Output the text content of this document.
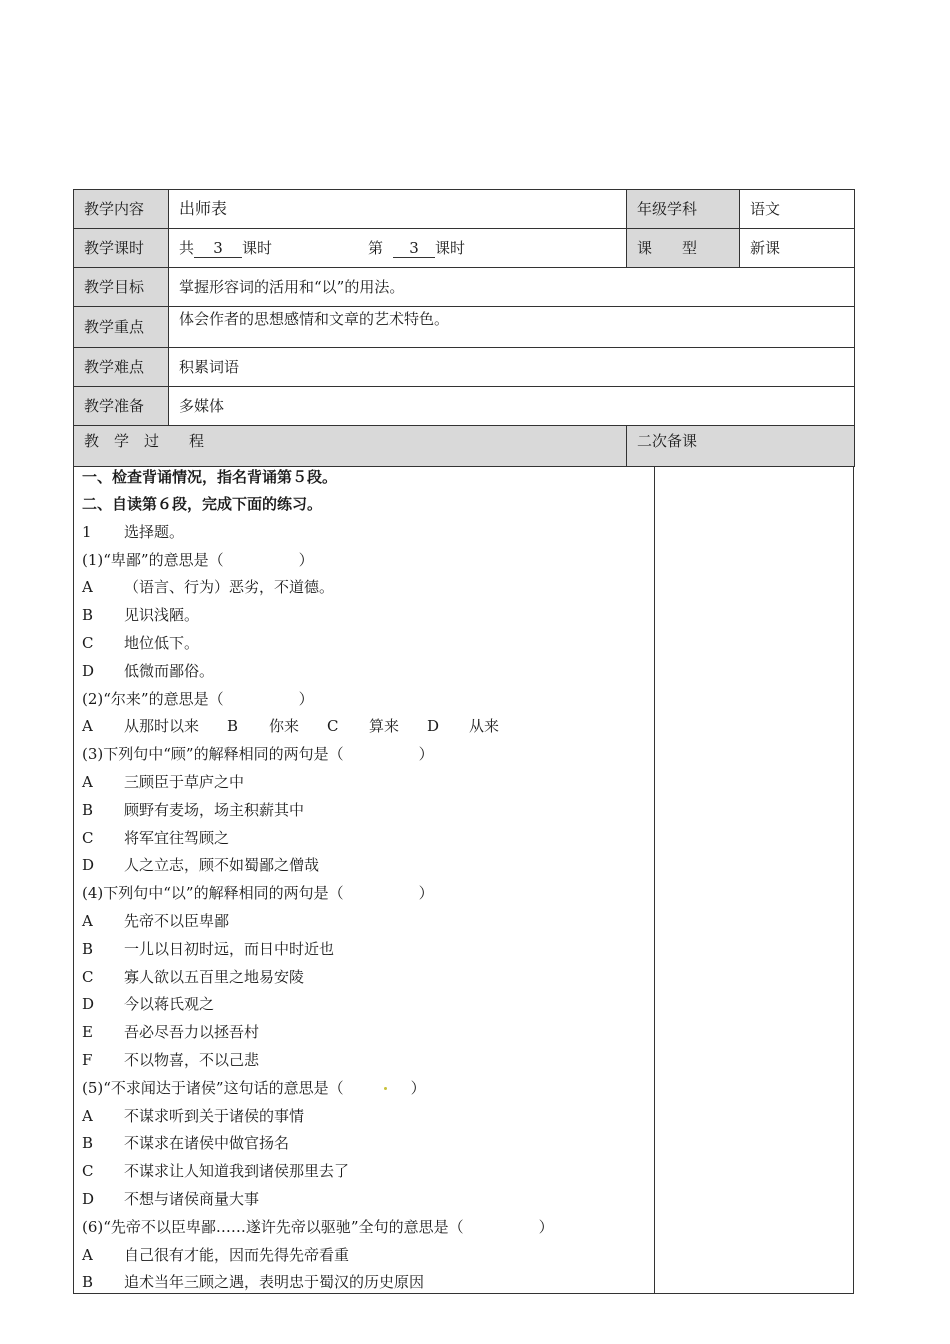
教学内容	出师表	年级学科	语文
教学课时	共 3 课时 第 3 课时	课　　型	新课
教学目标	掌握形容词的活用和“以”的用法。		
教学重点	体会作者的思想感情和文章的艺术特色。		
教学难点	积累词语		
教学准备	多媒体		
教　学　过　　程		二次备课	
一、检查背诵情况，指名背诵第５段。
二、自读第６段，完成下面的练习。
1 选择题。
(1)“卑鄙”的意思是（　　　　　）
A （语言、行为）恶劣，不道德。
B 见识浅陋。
C 地位低下。
D 低微而鄙俗。
(2)“尔来”的意思是（　　　　　）
A 从那时以来 B 你来 C 算来 D 从来
(3)下列句中“顾”的解释相同的两句是（　　　　　）
A 三顾臣于草庐之中
B 顾野有麦场，场主积薪其中
C 将军宜往驾顾之
D 人之立志，顾不如蜀鄙之僧哉
(4)下列句中“以”的解释相同的两句是（　　　　　）
A 先帝不以臣卑鄙
B 一儿以日初时远，而日中时近也
C 寡人欲以五百里之地易安陵
D 今以蒋氏观之
E 吾必尽吾力以拯吾村
F 不以物喜，不以己悲
(5)“不求闻达于诸侯”这句话的意思是（	）
A 不谋求听到关于诸侯的事情
B 不谋求在诸侯中做官扬名
C 不谋求让人知道我到诸侯那里去了
D 不想与诸侯商量大事
(6)“先帝不以臣卑鄙……遂许先帝以驱驰”全句的意思是（　　　　　）
A 自己很有才能，因而先得先帝看重
B 追术当年三顾之遇，表明忠于蜀汉的历史原因
